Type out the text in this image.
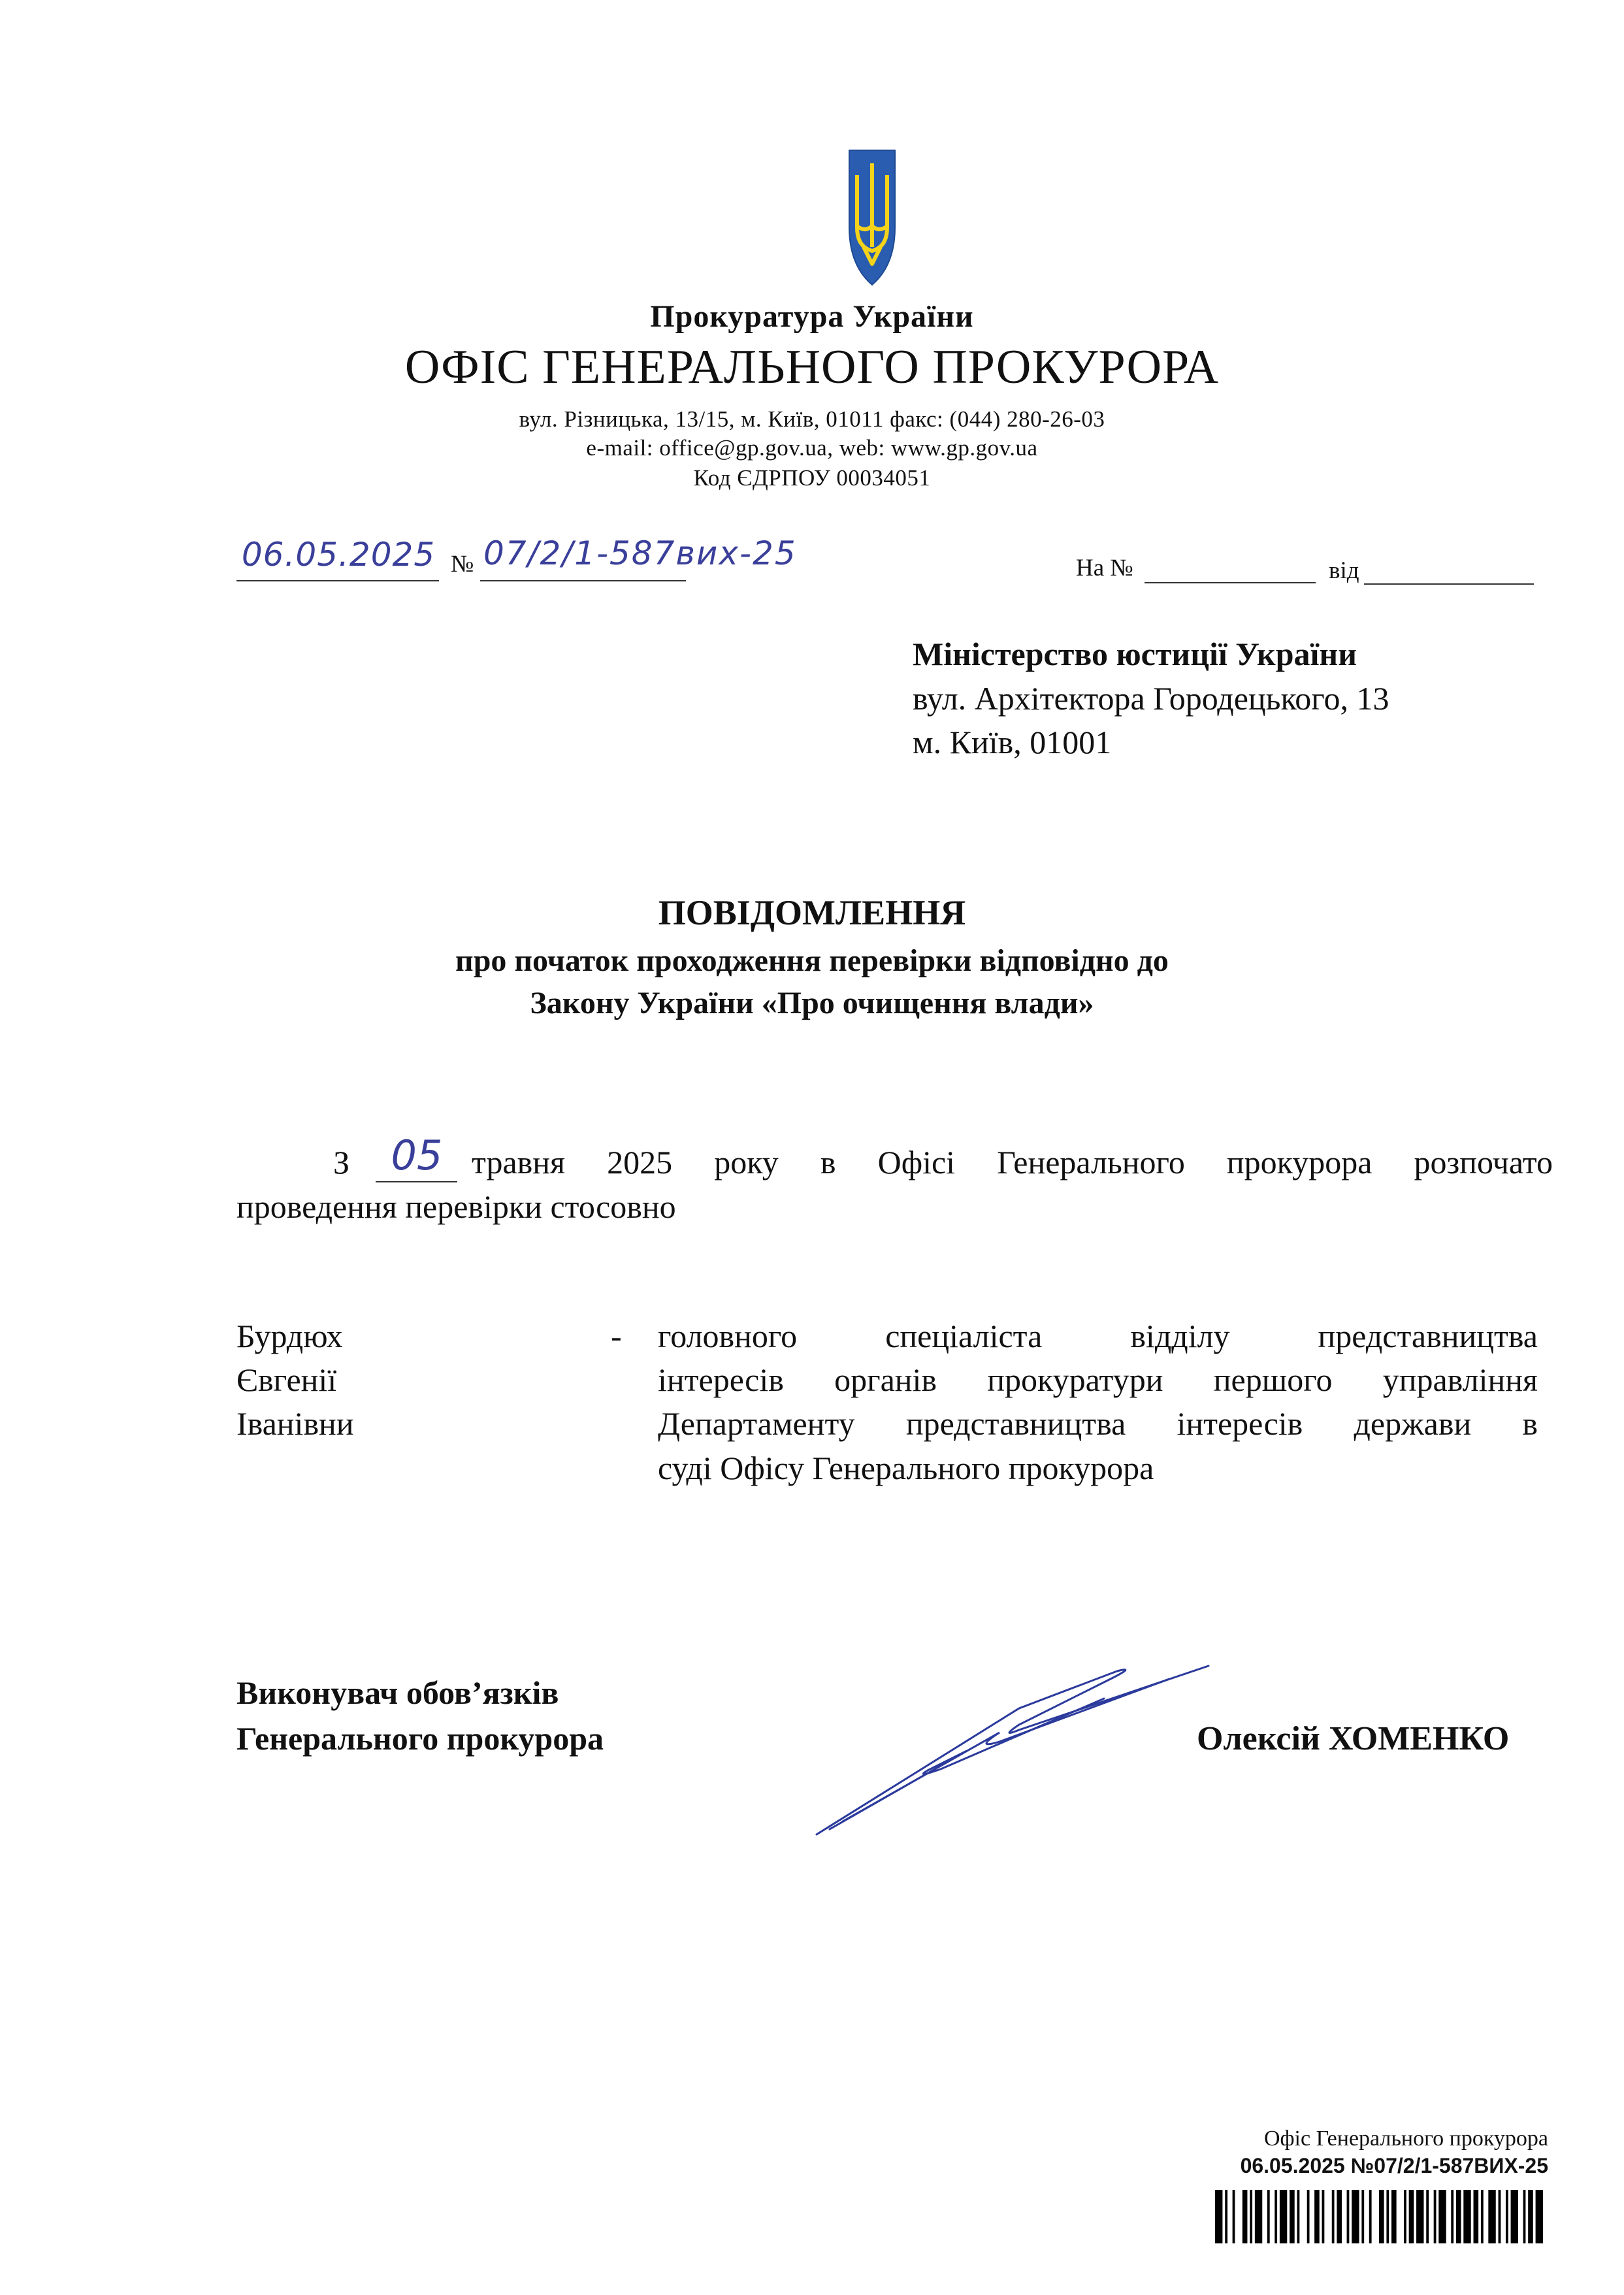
Прокуратура України
ОФІС ГЕНЕРАЛЬНОГО ПРОКУРОРА
вул. Різницька, 13/15, м. Київ, 01011 факс: (044) 280-26-03
e-mail: office@gp.gov.ua, web: www.gp.gov.ua
Код ЄДРПОУ 00034051
06.05.2025 № 07/2/1-587вих-25	На №	від
Міністерство юстиції України
вул. Архітектора Городецького, 13
м. Київ, 01001
ПОВІДОМЛЕННЯ
про початок проходження перевірки відповідно до
Закону України «Про очищення влади»
З 05 травня 2025 року в Офісі Генерального прокурора розпочато
проведення перевірки стосовно
Бурдюх
Євгенії
Іванівни
- головного спеціаліста відділу представництва
інтересів органів прокуратури першого управління
Департаменту представництва інтересів держави в
суді Офісу Генерального прокурора
Виконувач обов’язків
Генерального прокурора	Олексій ХОМЕНКО
Офіс Генерального прокурора
06.05.2025 №07/2/1-587ВИХ-25
